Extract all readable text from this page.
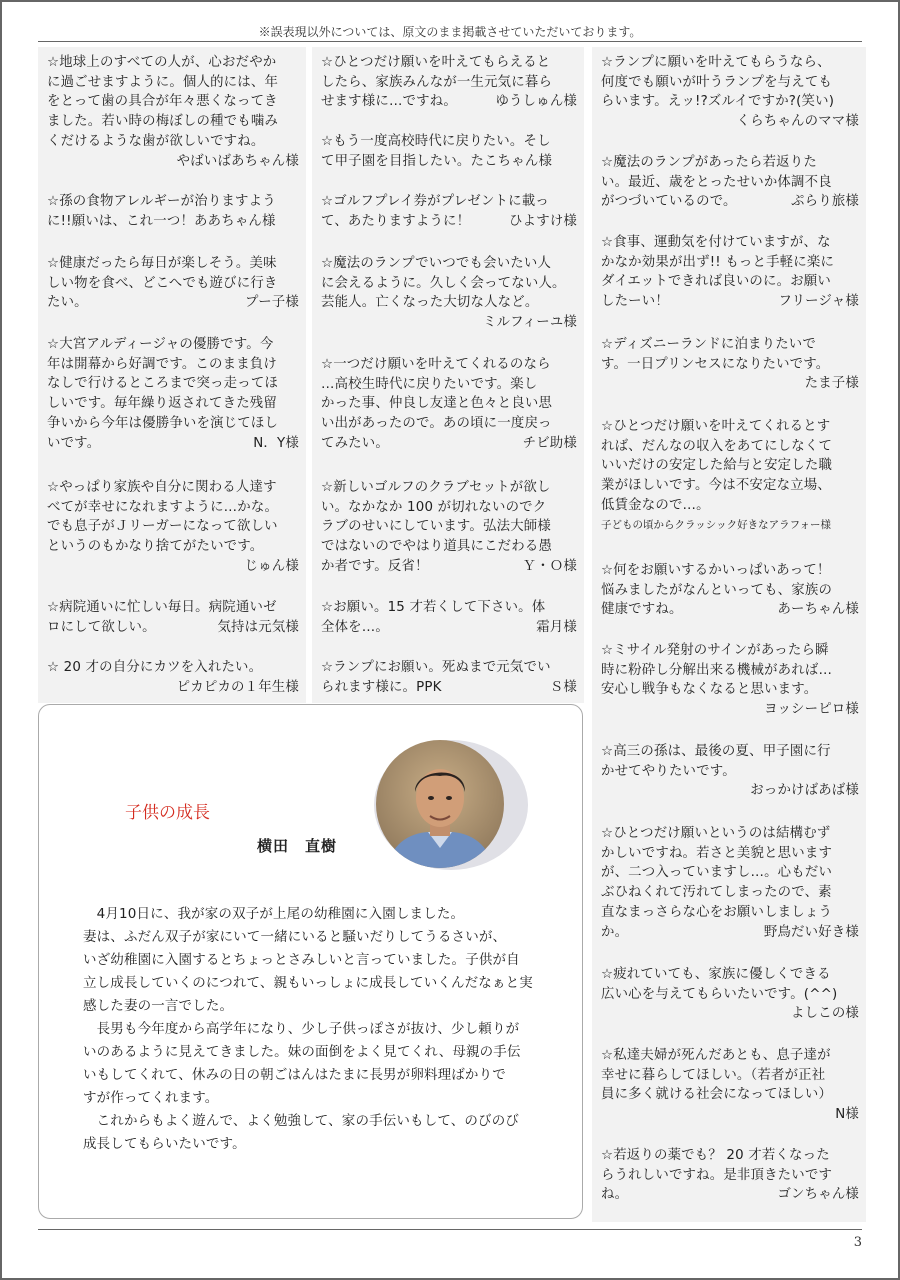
※誤表現以外については、原文のまま掲載させていただいております。
子供の成長
横田　直樹

　4月10日に、我が家の双子が上尾の幼稚園に入園しました。

妻は、ふだん双子が家にいて一緒にいると騒いだりしてうるさいが、

いざ幼稚園に入園するとちょっとさみしいと言っていました。子供が自

立し成長していくのにつれて、親もいっしょに成長していくんだなぁと実

感した妻の一言でした。

　長男も今年度から高学年になり、少し子供っぽさが抜け、少し頼りが

いのあるように見えてきました。妹の面倒をよく見てくれ、母親の手伝

いもしてくれて、休みの日の朝ごはんはたまに長男が卵料理ばかりで

すが作ってくれます。

　これからもよく遊んで、よく勉強して、家の手伝いもして、のびのび

成長してもらいたいです。

3
☆地球上のすべての人が、心おだやか
に過ごせますように。個人的には、年
をとって歯の具合が年々悪くなってき
ました。若い時の梅ぼしの種でも噛み
くだけるような歯が欲しいですね。
やばいばあちゃん様
☆孫の食物アレルギーが治りますよう
に!!願いは、これ一つ！ああちゃん様
☆健康だったら毎日が楽しそう。美味
しい物を食べ、どこへでも遊びに行き
たい。	プー子様
☆大宮アルディージャの優勝です。今
年は開幕から好調です。このまま負け
なしで行けるところまで突っ走ってほ
しいです。毎年繰り返されてきた残留
争いから今年は優勝争いを演じてほし
いです。	N．Y様
☆やっぱり家族や自分に関わる人達す
べてが幸せになれますように…かな。
でも息子がＪリーガーになって欲しい
というのもかなり捨てがたいです。
じゅん様
☆病院通いに忙しい毎日。病院通いゼ
ロにして欲しい。	気持は元気様
☆ 20 才の自分にカツを入れたい。
ピカピカの１年生様
☆ひとつだけ願いを叶えてもらえると
したら、家族みんなが一生元気に暮ら
せます様に…ですね。	ゆうしゅん様
☆もう一度高校時代に戻りたい。そし
て甲子園を目指したい。たこちゃん様
☆ゴルフプレイ券がプレゼントに載っ
て、あたりますように！	ひよすけ様
☆魔法のランプでいつでも会いたい人
に会えるように。久しく会ってない人。
芸能人。亡くなった大切な人など。
ミルフィーユ様
☆一つだけ願いを叶えてくれるのなら
…高校生時代に戻りたいです。楽し
かった事、仲良し友達と色々と良い思
い出があったので。あの頃に一度戻っ
てみたい。	チビ助様
☆新しいゴルフのクラブセットが欲し
い。なかなか 100 が切れないのでク
ラブのせいにしています。弘法大師様
ではないのでやはり道具にこだわる愚
か者です。反省！	Ｙ・Ｏ様
☆お願い。15 才若くして下さい。体
全体を…。	霜月様
☆ランプにお願い。死ぬまで元気でい
られます様に。PPK	Ｓ様
☆ランプに願いを叶えてもらうなら、
何度でも願いが叶うランプを与えても
らいます。えッ!?ズルイですか?(笑い)
くらちゃんのママ様
☆魔法のランプがあったら若返りた
い。最近、歳をとったせいか体調不良
がつづいているので。	ぷらり旅様
☆食事、運動気を付けていますが、な
かなか効果が出ず!! もっと手軽に楽に
ダイエットできれば良いのに。お願い
したーい！	フリージャ様
☆ディズニーランドに泊まりたいで
す。一日プリンセスになりたいです。
たま子様
☆ひとつだけ願いを叶えてくれるとす
れば、だんなの収入をあてにしなくて
いいだけの安定した給与と安定した職
業がほしいです。今は不安定な立場、
低賃金なので…。
子どもの頃からクラッシック好きなアラフォー様
☆何をお願いするかいっぱいあって！
悩みましたがなんといっても、家族の
健康ですね。	あーちゃん様
☆ミサイル発射のサインがあったら瞬
時に粉砕し分解出来る機械があれば…
安心し戦争もなくなると思います。
ヨッシーピロ様
☆高三の孫は、最後の夏、甲子園に行
かせてやりたいです。
おっかけばあば様
☆ひとつだけ願いというのは結構むず
かしいですね。若さと美貌と思います
が、二つ入っていますし…。心もだい
ぶひねくれて汚れてしまったので、素
直なまっさらな心をお願いしましょう
か。	野鳥だい好き様
☆疲れていても、家族に優しくできる
広い心を与えてもらいたいです。(^^)
よしこの様
☆私達夫婦が死んだあとも、息子達が
幸せに暮らしてほしい。（若者が正社
員に多く就ける社会になってほしい）
N様
☆若返りの薬でも？ 20 才若くなった
らうれしいですね。是非頂きたいです
ね。	ゴンちゃん様
